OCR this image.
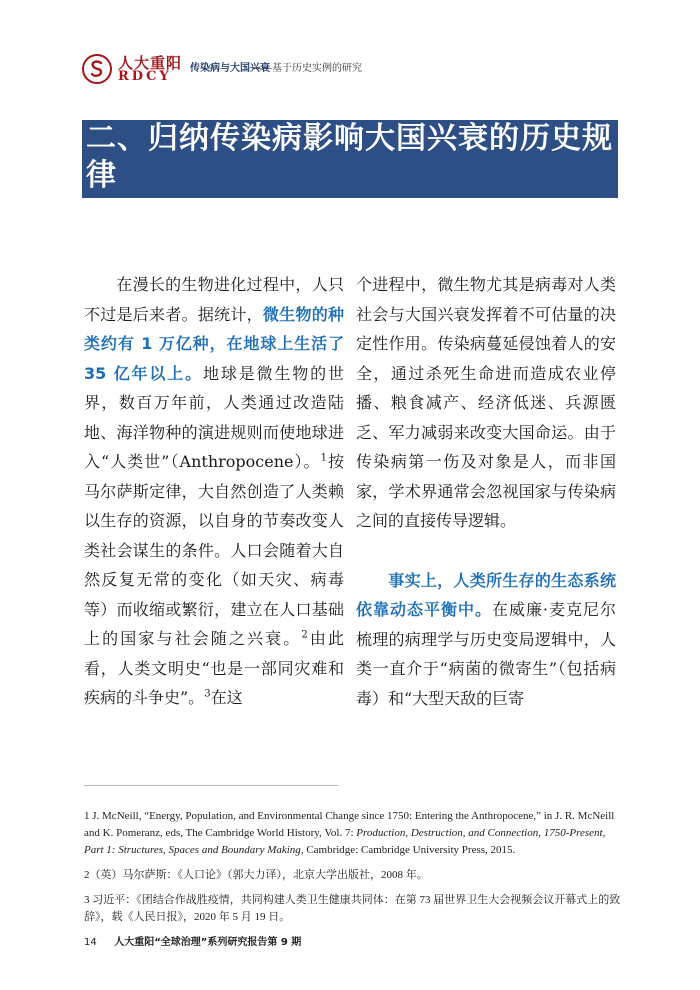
人大重阳
RDCY
传染病与大国兴衰
——基于历史实例的研究
二、归纳传染病影响大国兴衰的历史规律
在漫长的生物进化过程中，人只不过是后来者。据统计，微生物的种类约有 1 万亿种，在地球上生活了 35 亿年以上。地球是微生物的世界，数百万年前，人类通过改造陆地、海洋物种的演进规则而使地球进入“人类世”（Anthropocene）。$^1$按马尔萨斯定律，大自然创造了人类赖以生存的资源，以自身的节奏改变人类社会谋生的条件。人口会随着大自然反复无常的变化（如天灾、病毒等）而收缩或繁衍，建立在人口基础上的国家与社会随之兴衰。$^2$由此看，人类文明史“也是一部同灾难和疾病的斗争史”。$^3$在这
个进程中，微生物尤其是病毒对人类社会与大国兴衰发挥着不可估量的决定性作用。传染病蔓延侵蚀着人的安全，通过杀死生命进而造成农业停播、粮食减产、经济低迷、兵源匮乏、军力减弱来改变大国命运。由于传染病第一伤及对象是人，而非国家，学术界通常会忽视国家与传染病之间的直接传导逻辑。
事实上，人类所生存的生态系统依靠动态平衡中。在威廉·麦克尼尔梳理的病理学与历史变局逻辑中，人类一直介于“病菌的微寄生”（包括病毒）和“大型天敌的巨寄
1 J. McNeill, “Energy, Population, and Environmental Change since 1750: Entering the Anthropocene,” in J. R. McNeill and K. Pomeranz, eds, The Cambridge World History, Vol. 7: Production, Destruction, and Connection, 1750-Present, Part 1: Structures, Spaces and Boundary Making, Cambridge: Cambridge University Press, 2015.
2（英）马尔萨斯：《人口论》（郭大力译），北京大学出版社，2008 年。
3 习近平：《团结合作战胜疫情，共同构建人类卫生健康共同体：在第 73 届世界卫生大会视频会议开幕式上的致辞》，载《人民日报》，2020 年 5 月 19 日。
14 人大重阳“全球治理”系列研究报告第 9 期
